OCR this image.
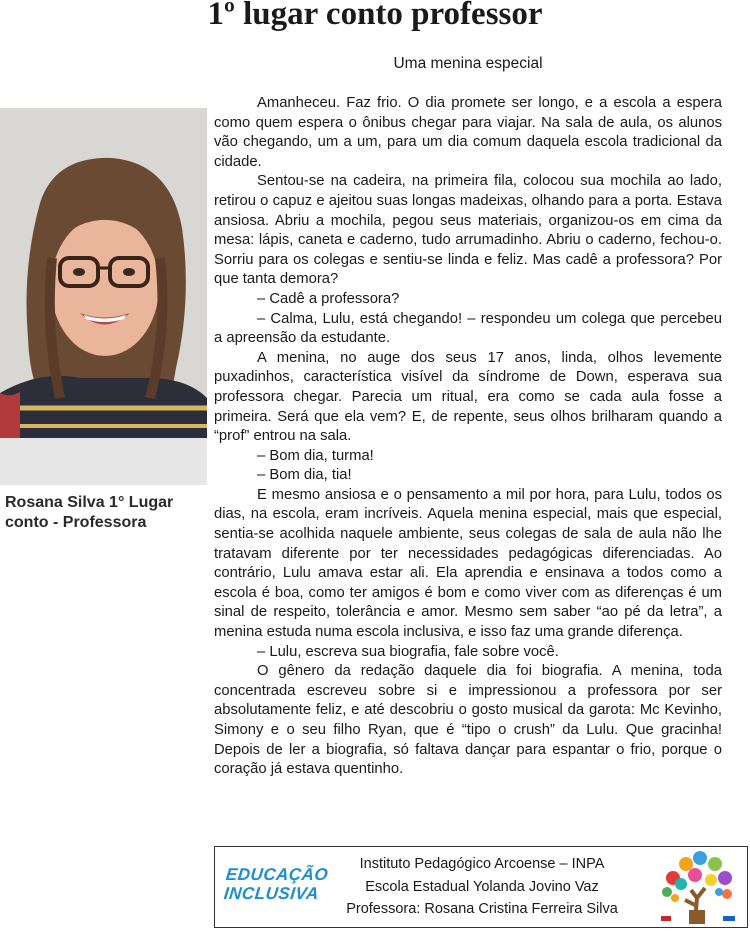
1º lugar conto professor
Uma menina especial

Rosana Silva 1° Lugar conto - Professora

Amanheceu. Faz frio. O dia promete ser longo, e a escola a espera como quem espera o ônibus chegar para viajar. Na sala de aula, os alunos vão chegando, um a um, para um dia comum daquela escola tradicional da cidade.

Sentou-se na cadeira, na primeira fila, colocou sua mochila ao lado, retirou o capuz e ajeitou suas longas madeixas, olhando para a porta. Estava ansiosa. Abriu a mochila, pegou seus materiais, organizou-os em cima da mesa: lápis, caneta e caderno, tudo arrumadinho. Abriu o caderno, fechou-o. Sorriu para os colegas e sentiu-se linda e feliz. Mas cadê a professora? Por que tanta demora?

– Cadê a professora?

– Calma, Lulu, está chegando! – respondeu um colega que percebeu a apreensão da estudante.

A menina, no auge dos seus 17 anos, linda, olhos levemente puxadinhos, característica visível da síndrome de Down, esperava sua professora chegar. Parecia um ritual, era como se cada aula fosse a primeira. Será que ela vem? E, de repente, seus olhos brilharam quando a “prof” entrou na sala.

– Bom dia, turma!

– Bom dia, tia!

E mesmo ansiosa e o pensamento a mil por hora, para Lulu, todos os dias, na escola, eram incríveis. Aquela menina especial, mais que especial, sentia-se acolhida naquele ambiente, seus colegas de sala de aula não lhe tratavam diferente por ter necessidades pedagógicas diferenciadas. Ao contrário, Lulu amava estar ali. Ela aprendia e ensinava a todos como a escola é boa, como ter amigos é bom e como viver com as diferenças é um sinal de respeito, tolerância e amor. Mesmo sem saber “ao pé da letra”, a menina estuda numa escola inclusiva, e isso faz uma grande diferença.

– Lulu, escreva sua biografia, fale sobre você.

O gênero da redação daquele dia foi biografia. A menina, toda concentrada escreveu sobre si e impressionou a professora por ser absolutamente feliz, e até descobriu o gosto musical da garota: Mc Kevinho, Simony e o seu filho Ryan, que é “tipo o crush” da Lulu. Que gracinha! Depois de ler a biografia, só faltava dançar para espantar o frio, porque o coração já estava quentinho.

EDUCAÇÃO
INCLUSIVA
Instituto Pedagógico Arcoense – INPA
Escola Estadual Yolanda Jovino Vaz
Professora: Rosana Cristina Ferreira Silva
